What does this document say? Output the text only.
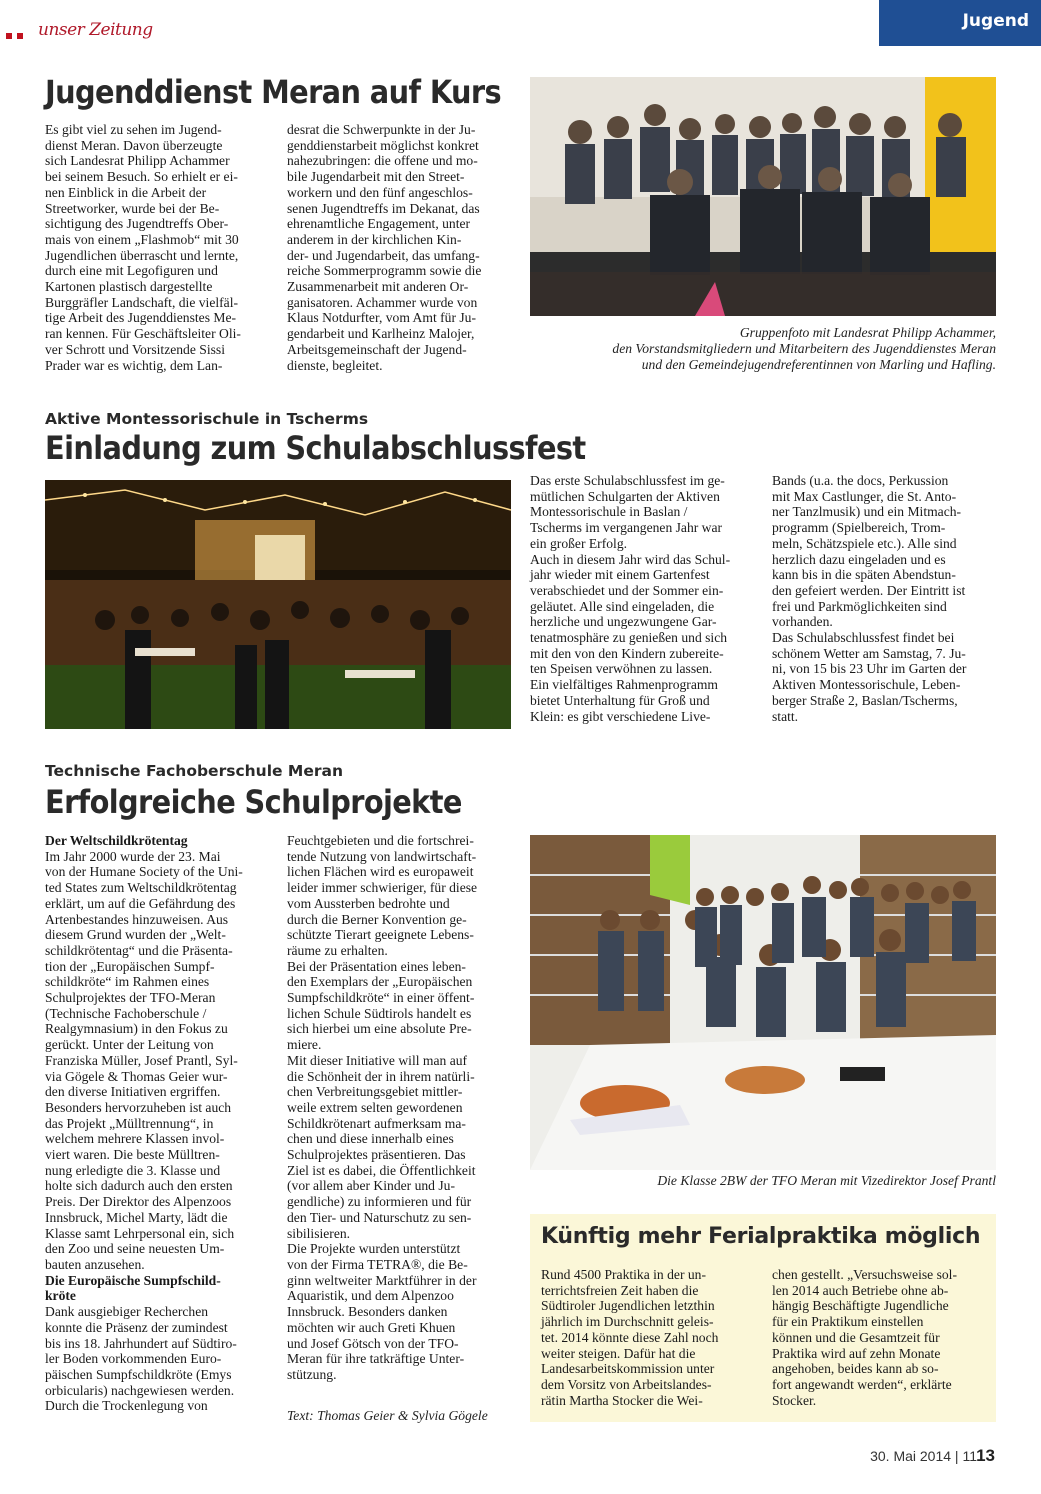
unser Zeitung	Jugend
Jugenddienst Meran auf Kurs
Es gibt viel zu sehen im Jugend-
dienst Meran. Davon überzeugte
sich Landesrat Philipp Achammer
bei seinem Besuch. So erhielt er ei-
nen Einblick in die Arbeit der
Streetworker, wurde bei der Be-
sichtigung des Jugendtreffs Ober-
mais von einem „Flashmob“ mit 30
Jugendlichen überrascht und lernte,
durch eine mit Legofiguren und
Kartonen plastisch dargestellte
Burggräfler Landschaft, die vielfäl-
tige Arbeit des Jugenddienstes Me-
ran kennen. Für Geschäftsleiter Oli-
ver Schrott und Vorsitzende Sissi
Prader war es wichtig, dem Lan-
desrat die Schwerpunkte in der Ju-
genddienstarbeit möglichst konkret
nahezubringen: die offene und mo-
bile Jugendarbeit mit den Street-
workern und den fünf angeschlos-
senen Jugendtreffs im Dekanat, das
ehrenamtliche Engagement, unter
anderem in der kirchlichen Kin-
der- und Jugendarbeit, das umfang-
reiche Sommerprogramm sowie die
Zusammenarbeit mit anderen Or-
ganisatoren. Achammer wurde von
Klaus Notdurfter, vom Amt für Ju-
gendarbeit und Karlheinz Malojer,
Arbeitsgemeinschaft der Jugend-
dienste, begleitet.
Gruppenfoto mit Landesrat Philipp Achammer,
den Vorstandsmitgliedern und Mitarbeitern des Jugenddienstes Meran
und den Gemeindejugendreferentinnen von Marling und Hafling.
Aktive Montessorischule in Tscherms
Einladung zum Schulabschlussfest
Das erste Schulabschlussfest im ge-
mütlichen Schulgarten der Aktiven
Montessorischule in Baslan /
Tscherms im vergangenen Jahr war
ein großer Erfolg.
Auch in diesem Jahr wird das Schul-
jahr wieder mit einem Gartenfest
verabschiedet und der Sommer ein-
geläutet. Alle sind eingeladen, die
herzliche und ungezwungene Gar-
tenatmosphäre zu genießen und sich
mit den von den Kindern zubereite-
ten Speisen verwöhnen zu lassen.
Ein vielfältiges Rahmenprogramm
bietet Unterhaltung für Groß und
Klein: es gibt verschiedene Live-
Bands (u.a. the docs, Perkussion
mit Max Castlunger, die St. Anto-
ner Tanzlmusik) und ein Mitmach-
programm (Spielbereich, Trom-
meln, Schätzspiele etc.). Alle sind
herzlich dazu eingeladen und es
kann bis in die späten Abendstun-
den gefeiert werden. Der Eintritt ist
frei und Parkmöglichkeiten sind
vorhanden.
Das Schulabschlussfest findet bei
schönem Wetter am Samstag, 7. Ju-
ni, von 15 bis 23 Uhr im Garten der
Aktiven Montessorischule, Leben-
berger Straße 2, Baslan/Tscherms,
statt.
Technische Fachoberschule Meran
Erfolgreiche Schulprojekte
Der Weltschildkrötentag
Im Jahr 2000 wurde der 23. Mai
von der Humane Society of the Uni-
ted States zum Weltschildkrötentag
erklärt, um auf die Gefährdung des
Artenbestandes hinzuweisen. Aus
diesem Grund wurden der „Welt-
schildkrötentag“ und die Präsenta-
tion der „Europäischen Sumpf-
schildkröte“ im Rahmen eines
Schulprojektes der TFO-Meran
(Technische Fachoberschule /
Realgymnasium) in den Fokus zu
gerückt. Unter der Leitung von
Franziska Müller, Josef Prantl, Syl-
via Gögele & Thomas Geier wur-
den diverse Initiativen ergriffen.
Besonders hervorzuheben ist auch
das Projekt „Mülltrennung“, in
welchem mehrere Klassen invol-
viert waren. Die beste Mülltren-
nung erledigte die 3. Klasse und
holte sich dadurch auch den ersten
Preis. Der Direktor des Alpenzoos
Innsbruck, Michel Marty, lädt die
Klasse samt Lehrpersonal ein, sich
den Zoo und seine neuesten Um-
bauten anzusehen.
Die Europäische Sumpfschild-
kröte
Dank ausgiebiger Recherchen
konnte die Präsenz der zumindest
bis ins 18. Jahrhundert auf Südtiro-
ler Boden vorkommenden Euro-
päischen Sumpfschildkröte (Emys
orbicularis) nachgewiesen werden.
Durch die Trockenlegung von
Feuchtgebieten und die fortschrei-
tende Nutzung von landwirtschaft-
lichen Flächen wird es europaweit
leider immer schwieriger, für diese
vom Aussterben bedrohte und
durch die Berner Konvention ge-
schützte Tierart geeignete Lebens-
räume zu erhalten.
Bei der Präsentation eines leben-
den Exemplars der „Europäischen
Sumpfschildkröte“ in einer öffent-
lichen Schule Südtirols handelt es
sich hierbei um eine absolute Pre-
miere.
Mit dieser Initiative will man auf
die Schönheit der in ihrem natürli-
chen Verbreitungsgebiet mittler-
weile extrem selten gewordenen
Schildkrötenart aufmerksam ma-
chen und diese innerhalb eines
Schulprojektes präsentieren. Das
Ziel ist es dabei, die Öffentlichkeit
(vor allem aber Kinder und Ju-
gendliche) zu informieren und für
den Tier- und Naturschutz zu sen-
sibilisieren.
Die Projekte wurden unterstützt
von der Firma TETRA®, die Be-
ginn weltweiter Marktführer in der
Aquaristik, und dem Alpenzoo
Innsbruck. Besonders danken
möchten wir auch Greti Khuen
und Josef Götsch von der TFO-
Meran für ihre tatkräftige Unter-
stützung.
Text: Thomas Geier & Sylvia Gögele
Die Klasse 2BW der TFO Meran mit Vizedirektor Josef Prantl
Künftig mehr Ferialpraktika möglich
Rund 4500 Praktika in der un-
terrichtsfreien Zeit haben die
Südtiroler Jugendlichen letzthin
jährlich im Durchschnitt geleis-
tet. 2014 könnte diese Zahl noch
weiter steigen. Dafür hat die
Landesarbeitskommission unter
dem Vorsitz von Arbeitslandes-
rätin Martha Stocker die Wei-
chen gestellt. „Versuchsweise sol-
len 2014 auch Betriebe ohne ab-
hängig Beschäftigte Jugendliche
für ein Praktikum einstellen
können und die Gesamtzeit für
Praktika wird auf zehn Monate
angehoben, beides kann ab so-
fort angewandt werden“, erklärte
Stocker.
30. Mai 2014 | 11 13
